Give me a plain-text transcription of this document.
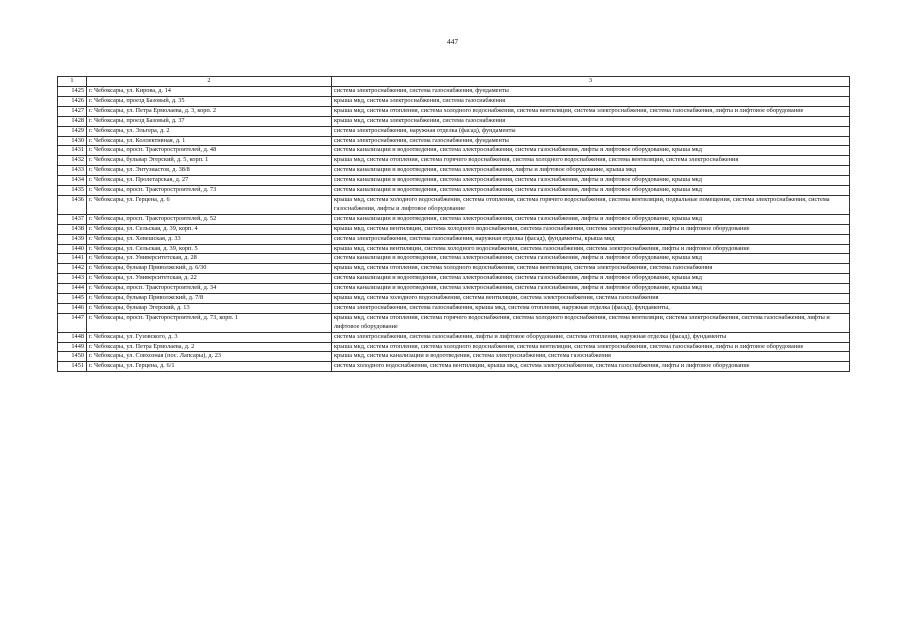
447
1	2	3
1425	г. Чебоксары, ул. Кирова, д. 14	система электроснабжения, система газоснабжения, фундаменты
1426	г. Чебоксары, проезд Базовый, д. 35	крыша мкд, система электроснабжения, система газоснабжения
1427	г. Чебоксары, ул. Петра Ермолаева, д. 3, корп. 2	крыша мкд, система отопления, система холодного водоснабжения, система вентиляции, система электроснабжения, система газоснабжения, лифты и лифтовое оборудование
1428	г. Чебоксары, проезд Базовый, д. 37	крыша мкд, система электроснабжения, система газоснабжения
1429	г. Чебоксары, ул. Эльгера, д. 2	система электроснабжения, наружная отделка (фасад), фундаменты
1430	г. Чебоксары, ул. Коллективная, д. 1	система электроснабжения, система газоснабжения, фундаменты
1431	г. Чебоксары, просп. Тракторостроителей, д. 48	система канализации и водоотведения, система электроснабжения, система газоснабжения, лифты и лифтовое оборудование, крыша мкд
1432	г. Чебоксары, бульвар Эгерский, д. 5, корп. 1	крыша мкд, система отопления, система горячего водоснабжения, система холодного водоснабжения, система вентиляции, система электроснабжения
1433	г. Чебоксары, ул. Энтузиастов, д. 38/8	система канализации и водоотведения, система электроснабжения, лифты и лифтовое оборудование, крыша мкд
1434	г. Чебоксары, ул. Пролетарская, д. 27	система канализации и водоотведения, система электроснабжения, система газоснабжения, лифты и лифтовое оборудование, крыша мкд
1435	г. Чебоксары, просп. Тракторостроителей, д. 73	система канализации и водоотведения, система электроснабжения, система газоснабжения, лифты и лифтовое оборудование, крыша мкд
1436	г. Чебоксары, ул. Герцена, д. 6	крыша мкд, система холодного водоснабжения, система отопления, система горячего водоснабжения, система вентиляции, подвальные помещения, система электроснабжения, система газоснабжения, лифты и лифтовое оборудование
1437	г. Чебоксары, просп. Тракторостроителей, д. 52	система канализации и водоотведения, система электроснабжения, система газоснабжения, лифты и лифтовое оборудование, крыша мкд
1438	г. Чебоксары, ул. Сельская, д. 39, корп. 4	крыша мкд, система вентиляции, система холодного водоснабжения, система газоснабжения, система электроснабжения, лифты и лифтовое оборудование
1439	г. Чебоксары, ул. Хевешская, д. 33	система электроснабжения, система газоснабжения, наружная отделка (фасад), фундаменты, крыша мкд
1440	г. Чебоксары, ул. Сельская, д. 39, корп. 5	крыша мкд, система вентиляции, система холодного водоснабжения, система газоснабжения, система электроснабжения, лифты и лифтовое оборудование
1441	г. Чебоксары, ул. Университетская, д. 28	система канализации и водоотведения, система электроснабжения, система газоснабжения, лифты и лифтовое оборудование, крыша мкд
1442	г. Чебоксары, бульвар Приволжский, д. 6/30	крыша мкд, система отопления, система холодного водоснабжения, система вентиляции, система электроснабжения, система газоснабжения
1443	г. Чебоксары, ул. Университетская, д. 22	система канализации и водоотведения, система электроснабжения, система газоснабжения, лифты и лифтовое оборудование, крыша мкд
1444	г. Чебоксары, просп. Тракторостроителей, д. 34	система канализации и водоотведения, система электроснабжения, система газоснабжения, лифты и лифтовое оборудование, крыша мкд
1445	г. Чебоксары, бульвар Приволжский, д. 7/8	крыша мкд, система холодного водоснабжения, система вентиляции, система электроснабжения, система газоснабжения
1446	г. Чебоксары, бульвар Эгерский, д. 13	система электроснабжения, система газоснабжения, крыша мкд, система отопления, наружная отделка (фасад), фундаменты,
1447	г. Чебоксары, просп. Тракторостроителей, д. 73, корп. 1	крыша мкд, система отопления, система горячего водоснабжения, система холодного водоснабжения, система вентиляции, система электроснабжения, система газоснабжения, лифты и лифтовое оборудование
1448	г. Чебоксары, ул. Гузовского, д. 3	система электроснабжения, система газоснабжения, лифты и лифтовое оборудование, система отопления, наружная отделка (фасад), фундаменты
1449	г. Чебоксары, ул. Петра Ермолаева, д. 2	крыша мкд, система отопления, система холодного водоснабжения, система вентиляции, система электроснабжения, система газоснабжения, лифты и лифтовое оборудование
1450	г. Чебоксары, ул. Совхозная (пос. Лапсары), д. 23	крыша мкд, система канализации и водоотведения, система электроснабжения, система газоснабжения
1451	г. Чебоксары, ул. Герцена, д. 6/1	система холодного водоснабжения, система вентиляции, крыша мкд, система электроснабжения, система газоснабжения, лифты и лифтовое оборудование
